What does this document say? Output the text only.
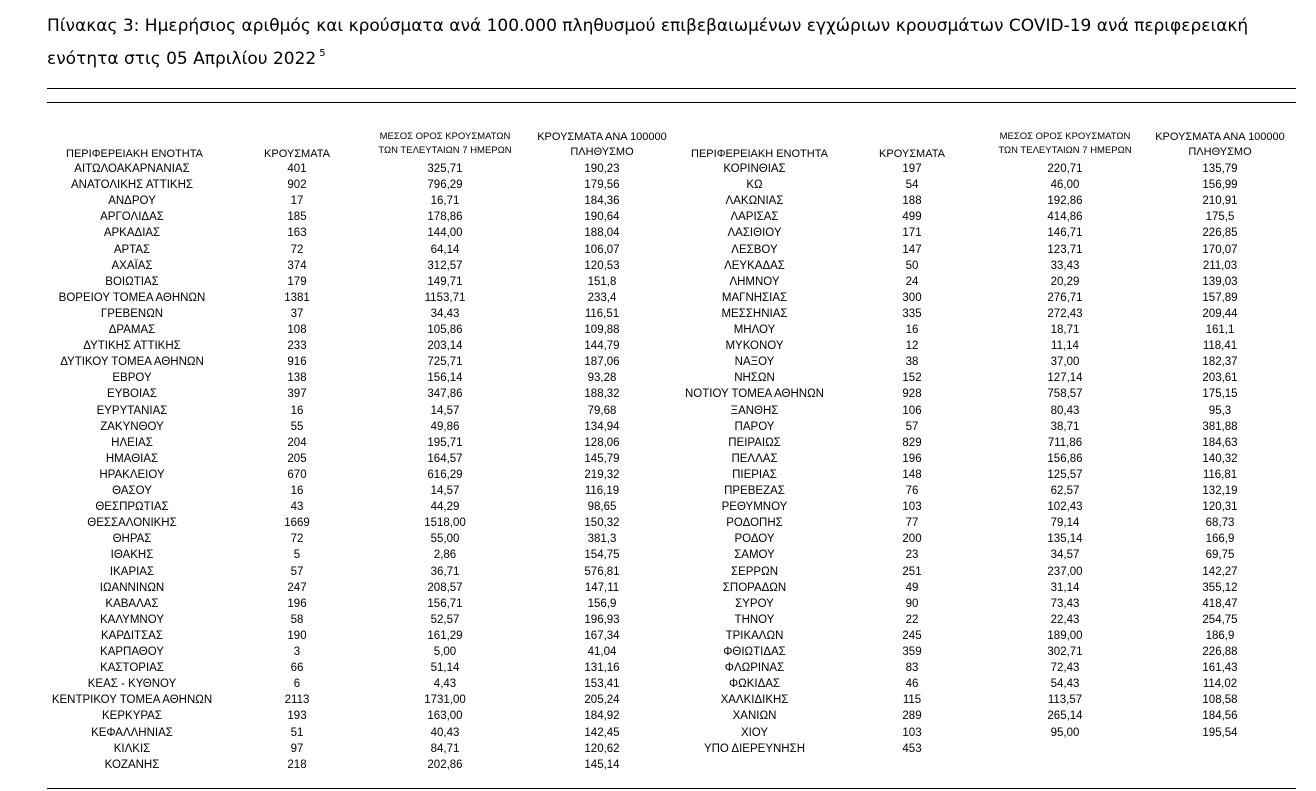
Πίνακας 3: Ημερήσιος αριθμός και κρούσματα ανά 100.000 πληθυσμού επιβεβαιωμένων εγχώριων κρουσμάτων COVID-19 ανά περιφερειακή ενότητα στις 05 Απριλίου 2022 $^5$
ΠΕΡΙΦΕΡΕΙΑΚΗ ΕΝΟΤΗΤΑ	ΚΡΟΥΣΜΑΤΑ
ΜΕΣΟΣ ΟΡΟΣ ΚΡΟΥΣΜΑΤΩΝ
ΤΩΝ ΤΕΛΕΥΤΑΙΩΝ 7 ΗΜΕΡΩΝ
ΚΡΟΥΣΜΑΤΑ ΑΝΑ 100000
ΠΛΗΘΥΣΜΟ	ΠΕΡΙΦΕΡΕΙΑΚΗ ΕΝΟΤΗΤΑ	ΚΡΟΥΣΜΑΤΑ
ΜΕΣΟΣ ΟΡΟΣ ΚΡΟΥΣΜΑΤΩΝ
ΤΩΝ ΤΕΛΕΥΤΑΙΩΝ 7 ΗΜΕΡΩΝ
ΚΡΟΥΣΜΑΤΑ ΑΝΑ 100000
ΠΛΗΘΥΣΜΟ
ΑΙΤΩΛΟΑΚΑΡΝΑΝΙΑΣ	401	325,71	190,23
ΑΝΑΤΟΛΙΚΗΣ ΑΤΤΙΚΗΣ	902	796,29	179,56
ΑΝΔΡΟΥ	17	16,71	184,36
ΑΡΓΟΛΙΔΑΣ	185	178,86	190,64
ΑΡΚΑΔΙΑΣ	163	144,00	188,04
ΑΡΤΑΣ	72	64,14	106,07
ΑΧΑΪΑΣ	374	312,57	120,53
ΒΟΙΩΤΙΑΣ	179	149,71	151,8
ΒΟΡΕΙΟΥ ΤΟΜΕΑ ΑΘΗΝΩΝ	1381	1153,71	233,4
ΓΡΕΒΕΝΩΝ	37	34,43	116,51
ΔΡΑΜΑΣ	108	105,86	109,88
ΔΥΤΙΚΗΣ ΑΤΤΙΚΗΣ	233	203,14	144,79
ΔΥΤΙΚΟΥ ΤΟΜΕΑ ΑΘΗΝΩΝ	916	725,71	187,06
ΕΒΡΟΥ	138	156,14	93,28
ΕΥΒΟΙΑΣ	397	347,86	188,32
ΕΥΡΥΤΑΝΙΑΣ	16	14,57	79,68
ΖΑΚΥΝΘΟΥ	55	49,86	134,94
ΗΛΕΙΑΣ	204	195,71	128,06
ΗΜΑΘΙΑΣ	205	164,57	145,79
ΗΡΑΚΛΕΙΟΥ	670	616,29	219,32
ΘΑΣΟΥ	16	14,57	116,19
ΘΕΣΠΡΩΤΙΑΣ	43	44,29	98,65
ΘΕΣΣΑΛΟΝΙΚΗΣ	1669	1518,00	150,32
ΘΗΡΑΣ	72	55,00	381,3
ΙΘΑΚΗΣ	5	2,86	154,75
ΙΚΑΡΙΑΣ	57	36,71	576,81
ΙΩΑΝΝΙΝΩΝ	247	208,57	147,11
ΚΑΒΑΛΑΣ	196	156,71	156,9
ΚΑΛΥΜΝΟΥ	58	52,57	196,93
ΚΑΡΔΙΤΣΑΣ	190	161,29	167,34
ΚΑΡΠΑΘΟΥ	3	5,00	41,04
ΚΑΣΤΟΡΙΑΣ	66	51,14	131,16
ΚΕΑΣ - ΚΥΘΝΟΥ	6	4,43	153,41
ΚΕΝΤΡΙΚΟΥ ΤΟΜΕΑ ΑΘΗΝΩΝ	2113	1731,00	205,24
ΚΕΡΚΥΡΑΣ	193	163,00	184,92
ΚΕΦΑΛΛΗΝΙΑΣ	51	40,43	142,45
ΚΙΛΚΙΣ	97	84,71	120,62
ΚΟΖΑΝΗΣ	218	202,86	145,14
ΚΟΡΙΝΘΙΑΣ	197	220,71	135,79
ΚΩ	54	46,00	156,99
ΛΑΚΩΝΙΑΣ	188	192,86	210,91
ΛΑΡΙΣΑΣ	499	414,86	175,5
ΛΑΣΙΘΙΟΥ	171	146,71	226,85
ΛΕΣΒΟΥ	147	123,71	170,07
ΛΕΥΚΑΔΑΣ	50	33,43	211,03
ΛΗΜΝΟΥ	24	20,29	139,03
ΜΑΓΝΗΣΙΑΣ	300	276,71	157,89
ΜΕΣΣΗΝΙΑΣ	335	272,43	209,44
ΜΗΛΟΥ	16	18,71	161,1
ΜΥΚΟΝΟΥ	12	11,14	118,41
ΝΑΞΟΥ	38	37,00	182,37
ΝΗΣΩΝ	152	127,14	203,61
ΝΟΤΙΟΥ ΤΟΜΕΑ ΑΘΗΝΩΝ	928	758,57	175,15
ΞΑΝΘΗΣ	106	80,43	95,3
ΠΑΡΟΥ	57	38,71	381,88
ΠΕΙΡΑΙΩΣ	829	711,86	184,63
ΠΕΛΛΑΣ	196	156,86	140,32
ΠΙΕΡΙΑΣ	148	125,57	116,81
ΠΡΕΒΕΖΑΣ	76	62,57	132,19
ΡΕΘΥΜΝΟΥ	103	102,43	120,31
ΡΟΔΟΠΗΣ	77	79,14	68,73
ΡΟΔΟΥ	200	135,14	166,9
ΣΑΜΟΥ	23	34,57	69,75
ΣΕΡΡΩΝ	251	237,00	142,27
ΣΠΟΡΑΔΩΝ	49	31,14	355,12
ΣΥΡΟΥ	90	73,43	418,47
ΤΗΝΟΥ	22	22,43	254,75
ΤΡΙΚΑΛΩΝ	245	189,00	186,9
ΦΘΙΩΤΙΔΑΣ	359	302,71	226,88
ΦΛΩΡΙΝΑΣ	83	72,43	161,43
ΦΩΚΙΔΑΣ	46	54,43	114,02
ΧΑΛΚΙΔΙΚΗΣ	115	113,57	108,58
ΧΑΝΙΩΝ	289	265,14	184,56
ΧΙΟΥ	103	95,00	195,54
ΥΠΟ ΔΙΕΡΕΥΝΗΣΗ	453
